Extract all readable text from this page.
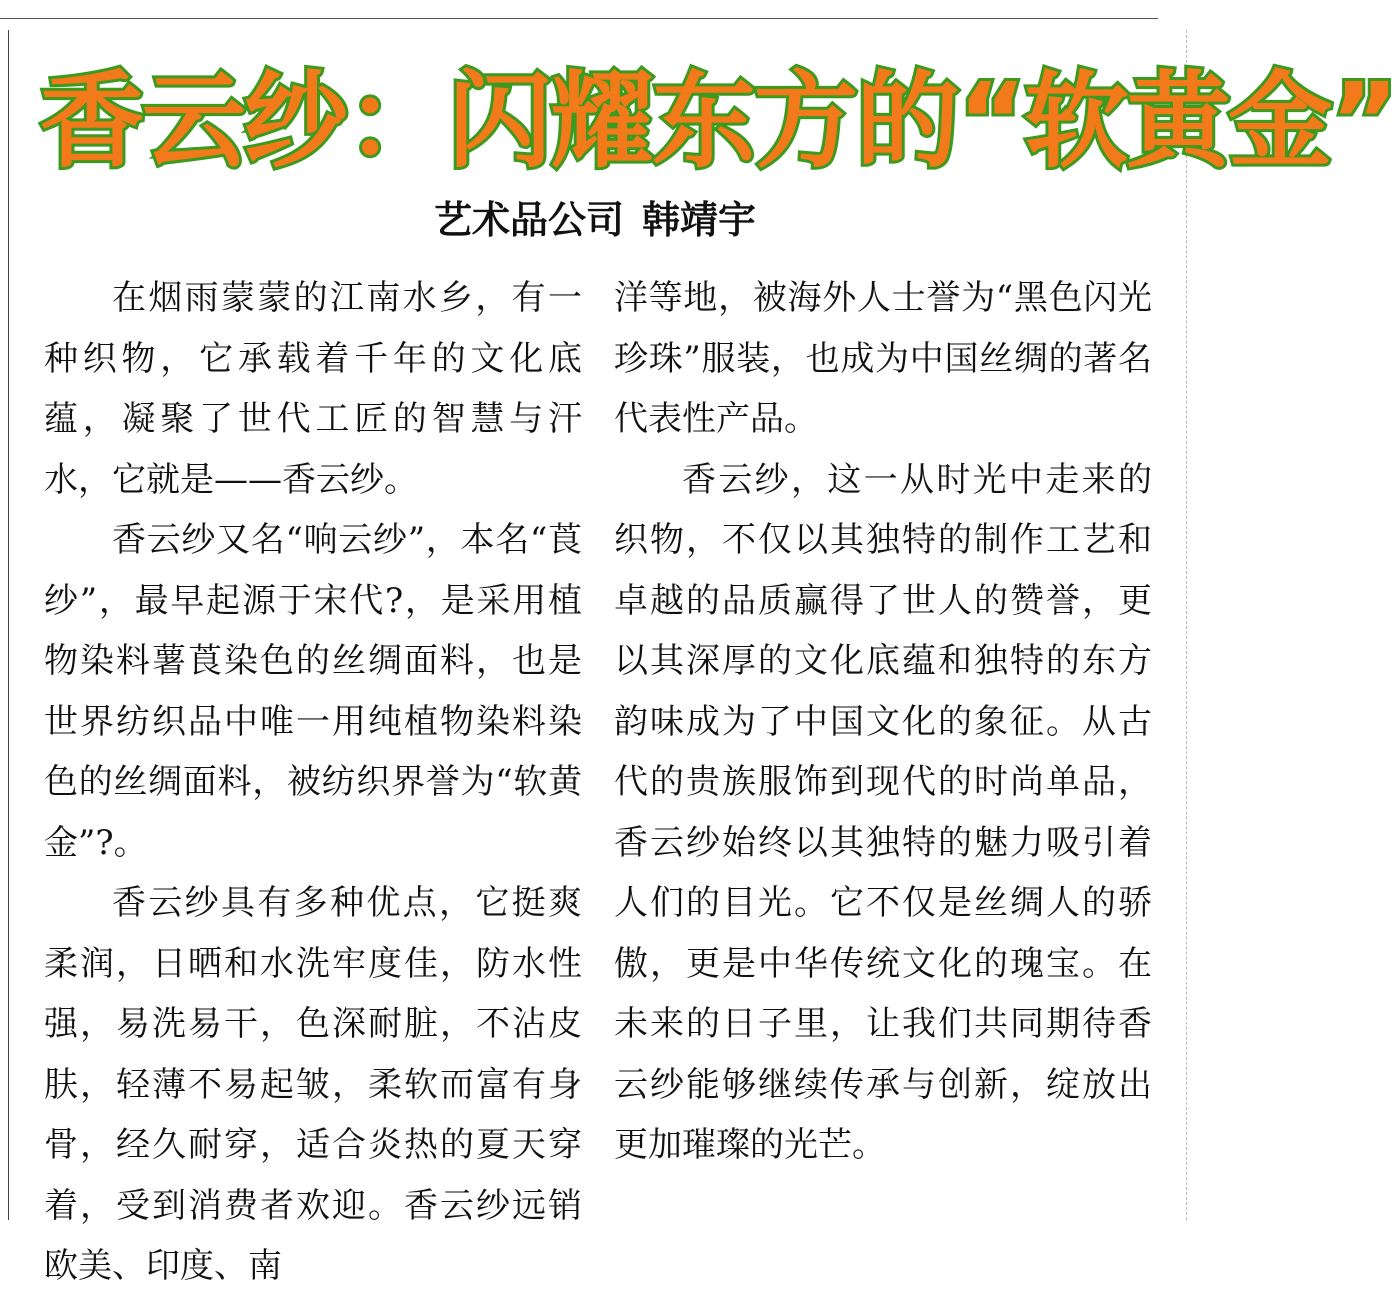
香云纱：闪耀东方的“软黄金”
艺术品公司 韩靖宇

在烟雨蒙蒙的江南水乡，有一种织物，它承载着千年的文化底蕴，凝聚了世代工匠的智慧与汗水，它就是——香云纱。

香云纱又名“响云纱”，本名“莨纱”，最早起源于宋代?，是采用植物染料薯莨染色的丝绸面料，也是世界纺织品中唯一用纯植物染料染色的丝绸面料，被纺织界誉为“软黄金”?。

香云纱具有多种优点，它挺爽柔润，日晒和水洗牢度佳，防水性强，易洗易干，色深耐脏，不沾皮肤，轻薄不易起皱，柔软而富有身骨，经久耐穿，适合炎热的夏天穿着，受到消费者欢迎。香云纱远销欧美、印度、南

洋等地，被海外人士誉为“黑色闪光珍珠”服装，也成为中国丝绸的著名代表性产品。

香云纱，这一从时光中走来的织物，不仅以其独特的制作工艺和卓越的品质赢得了世人的赞誉，更以其深厚的文化底蕴和独特的东方韵味成为了中国文化的象征。从古代的贵族服饰到现代的时尚单品，香云纱始终以其独特的魅力吸引着人们的目光。它不仅是丝绸人的骄傲，更是中华传统文化的瑰宝。在未来的日子里，让我们共同期待香云纱能够继续传承与创新，绽放出更加璀璨的光芒。
